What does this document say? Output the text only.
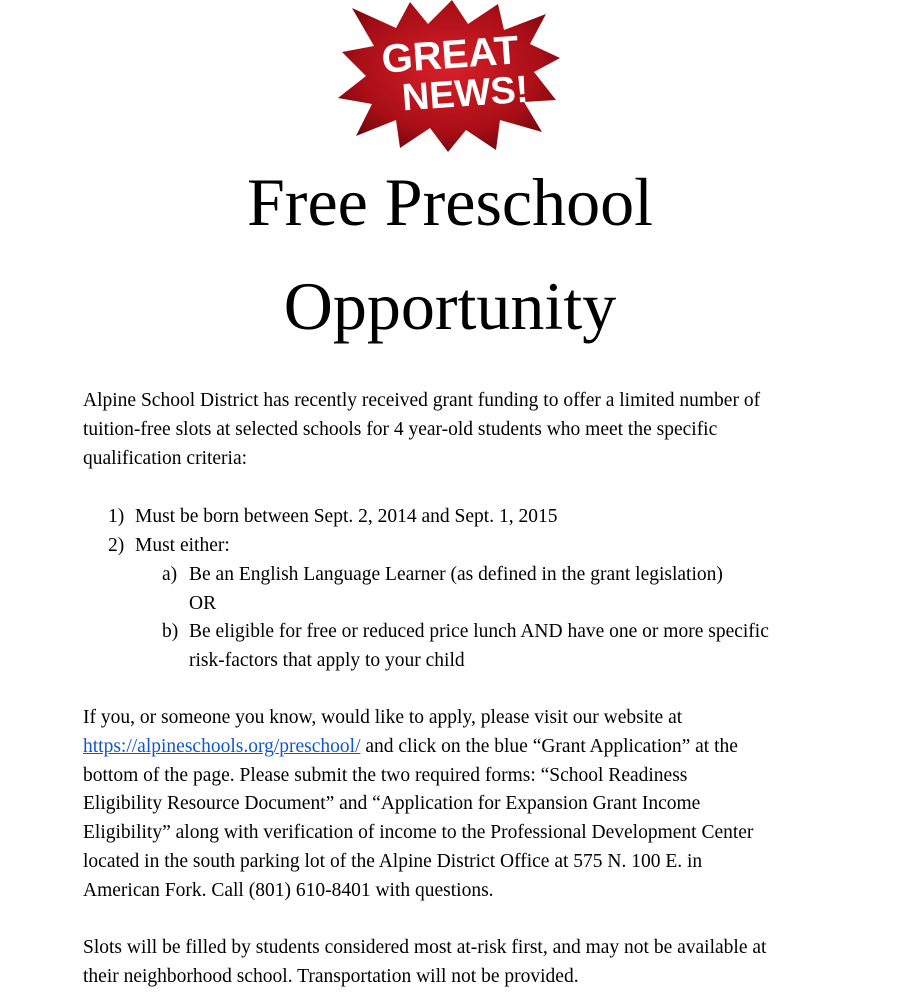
GREAT
NEWS!
Free Preschool
Opportunity
Alpine School District has recently received grant funding to offer a limited number of
tuition-free slots at selected schools for 4 year-old students who meet the specific
qualification criteria:
1) Must be born between Sept. 2, 2014 and Sept. 1, 2015
2) Must either:
a) Be an English Language Learner (as defined in the grant legislation)
OR
b) Be eligible for free or reduced price lunch AND have one or more specific
risk-factors that apply to your child
If you, or someone you know, would like to apply, please visit our website at
https://alpineschools.org/preschool/ and click on the blue “Grant Application” at the
bottom of the page. Please submit the two required forms: “School Readiness
Eligibility Resource Document” and “Application for Expansion Grant Income
Eligibility” along with verification of income to the Professional Development Center
located in the south parking lot of the Alpine District Office at 575 N. 100 E. in
American Fork. Call (801) 610-8401 with questions.
Slots will be filled by students considered most at-risk first, and may not be available at
their neighborhood school. Transportation will not be provided.
